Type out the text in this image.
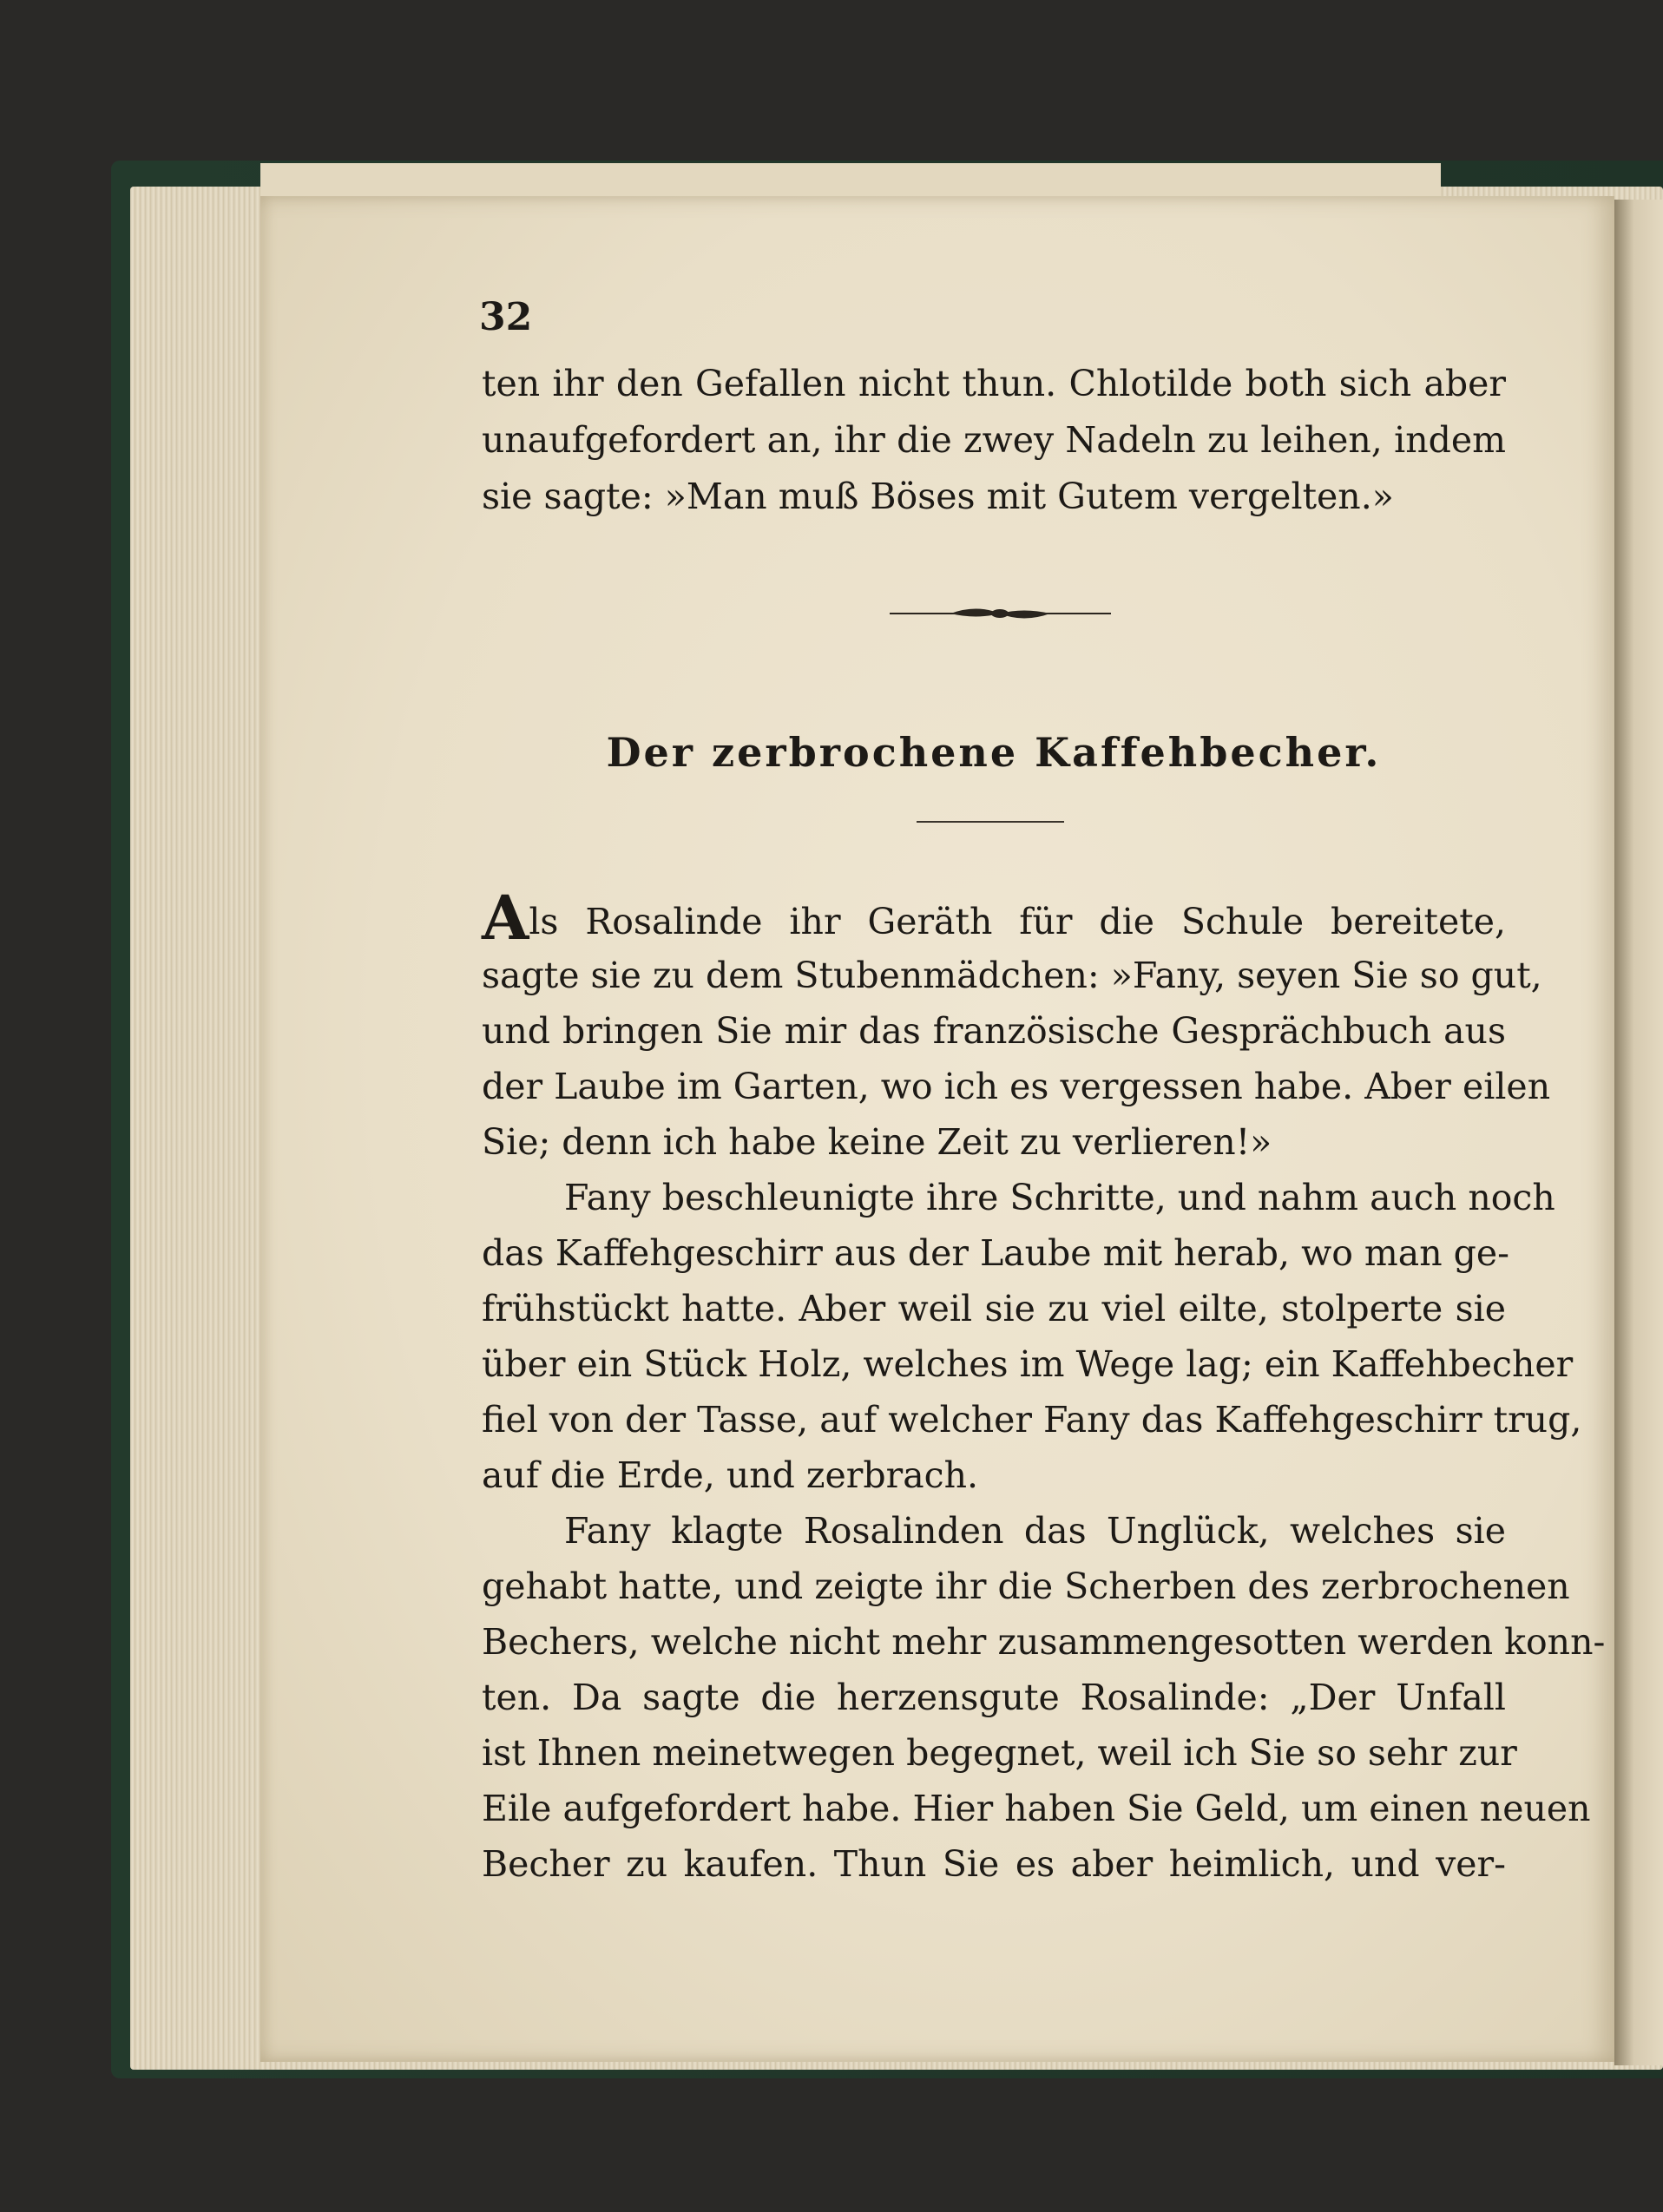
32
ten ihr den Gefallen nicht thun. Chlotilde both sich aber
unaufgefordert an, ihr die zwey Nadeln zu leihen, indem
sie sagte: »Man muß Böses mit Gutem vergelten.»
Der zerbrochene Kaffehbecher.
Als Rosalinde ihr Geräth für die Schule bereitete,
sagte sie zu dem Stubenmädchen: »Fany, seyen Sie so gut,
und bringen Sie mir das französische Gesprächbuch aus
der Laube im Garten, wo ich es vergessen habe. Aber eilen
Sie; denn ich habe keine Zeit zu verlieren!»
Fany beschleunigte ihre Schritte, und nahm auch noch
das Kaffehgeschirr aus der Laube mit herab, wo man ge-
frühstückt hatte. Aber weil sie zu viel eilte, stolperte sie
über ein Stück Holz, welches im Wege lag; ein Kaffehbecher
fiel von der Tasse, auf welcher Fany das Kaffehgeschirr trug,
auf die Erde, und zerbrach.
Fany klagte Rosalinden das Unglück, welches sie
gehabt hatte, und zeigte ihr die Scherben des zerbrochenen
Bechers, welche nicht mehr zusammengesotten werden konn-
ten. Da sagte die herzensgute Rosalinde: „Der Unfall
ist Ihnen meinetwegen begegnet, weil ich Sie so sehr zur
Eile aufgefordert habe. Hier haben Sie Geld, um einen neuen
Becher zu kaufen. Thun Sie es aber heimlich, und ver-
